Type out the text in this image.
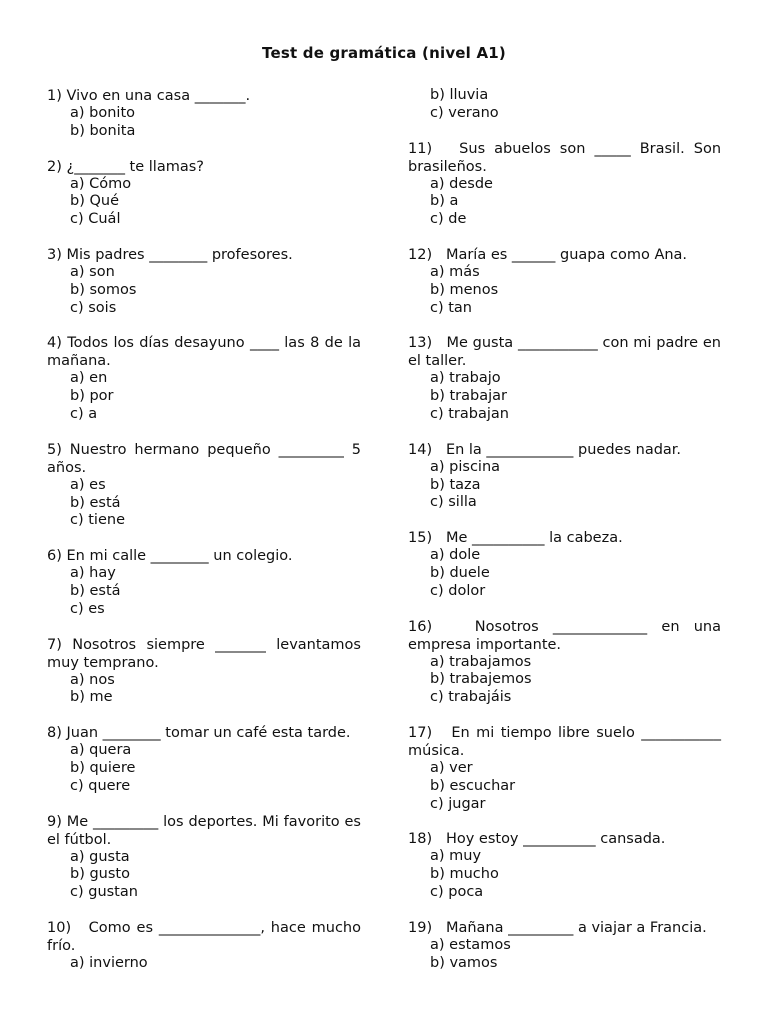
Test de gramática (nivel A1)
1) Vivo en una casa _______.
a) bonito
b) bonita
2) ¿_______ te llamas?
a) Cómo
b) Qué
c) Cuál
3) Mis padres ________ profesores.
a) son
b) somos
c) sois
4) Todos los días desayuno ____ las 8 de la mañana.
a) en
b) por
c) a
5) Nuestro hermano pequeño _________ 5 años.
a) es
b) está
c) tiene
6) En mi calle ________ un colegio.
a) hay
b) está
c) es
7) Nosotros siempre _______ levantamos muy temprano.
a) nos
b) me
8) Juan ________ tomar un café esta tarde.
a) quera
b) quiere
c) quere
9) Me _________ los deportes. Mi favorito es el fútbol.
a) gusta
b) gusto
c) gustan
10)   Como es ______________, hace mucho frío.
a) invierno
b) lluvia
c) verano
11)   Sus abuelos son _____ Brasil. Son brasileños.
a) desde
b) a
c) de
12)   María es ______ guapa como Ana.
a) más
b) menos
c) tan
13)   Me gusta ___________ con mi padre en el taller.
a) trabajo
b) trabajar
c) trabajan
14)   En la ____________ puedes nadar.
a) piscina
b) taza
c) silla
15)   Me __________ la cabeza.
a) dole
b) duele
c) dolor
16)   Nosotros _____________ en una empresa importante.
a) trabajamos
b) trabajemos
c) trabajáis
17)   En mi tiempo libre suelo ___________ música.
a) ver
b) escuchar
c) jugar
18)   Hoy estoy __________ cansada.
a) muy
b) mucho
c) poca
19)   Mañana _________ a viajar a Francia.
a) estamos
b) vamos
